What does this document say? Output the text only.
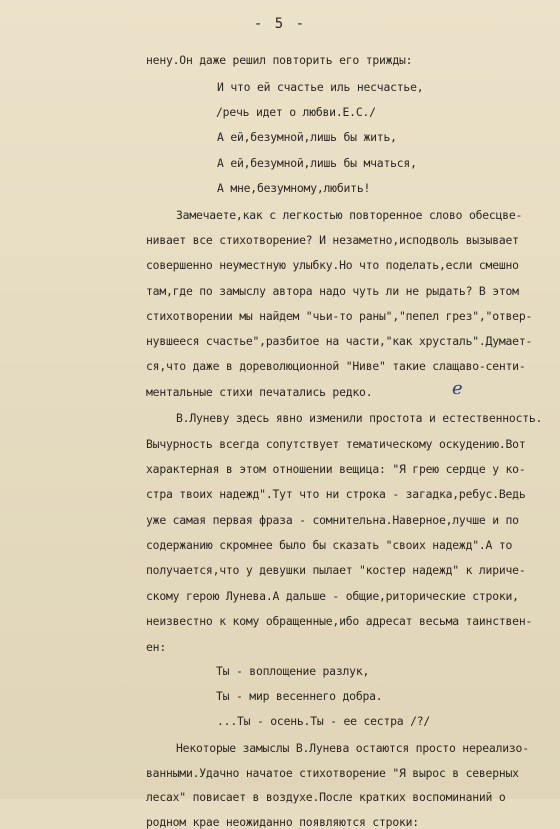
- 5 -
нену.Он даже решил повторить его трижды:
И что ей счастье иль несчастье,
/речь идет о любви.Е.С./
А ей,безумной,лишь бы жить,
А ей,безумной,лишь бы мчаться,
А мне,безумному,любить!
Замечаете,как с легкостью повторенное слово обесцве-
нивает все стихотворение? И незаметно,исподволь вызывает
совершенно неуместную улыбку.Но что поделать,если смешно
там,где по замыслу автора надо чуть ли не рыдать? В этом
стихотворении мы найдем "чьи-то раны","пепел грез","отвер-
нувшееся счастье",разбитое на части,"как хрусталь".Думает-
ся,что даже в дореволюционной "Ниве" такие слащаво-сенти-
ментальные стихи печатались редко.
В.Луневу здесь явно изменили простота и естественность.
е
Вычурность всегда сопутствует тематическому оскудению.Вот
характерная в этом отношении вещица: "Я грею сердце у ко-
стра твоих надежд".Тут что ни строка - загадка,ребус.Ведь
уже самая первая фраза - сомнительна.Наверное,лучше и по
содержанию скромнее было бы сказать "своих надежд".А то
получается,что у девушки пылает "костер надежд" к лириче-
скому герою Лунева.А дальше - общие,риторические строки,
неизвестно к кому обращенные,ибо адресат весьма таинствен-
ен:
Ты - воплощение разлук,
Ты - мир весеннего добра.
...Ты - осень.Ты - ее сестра /?/
Некоторые замыслы В.Лунева остаются просто нереализо-
ванными.Удачно начатое стихотворение "Я вырос в северных
лесах" повисает в воздухе.После кратких воспоминаний о
родном крае неожиданно появляются строки:
